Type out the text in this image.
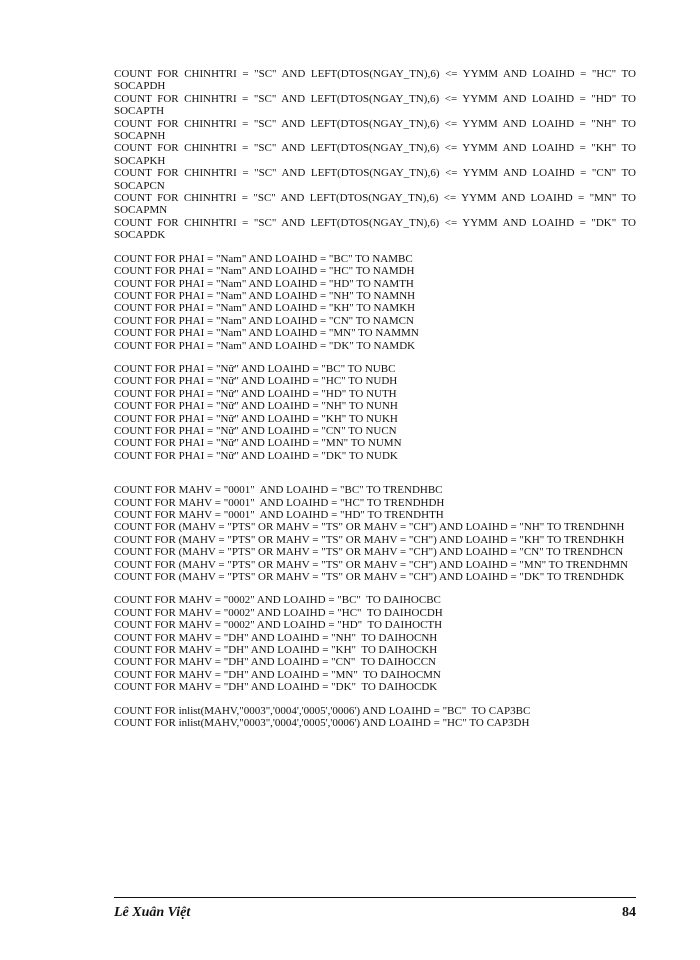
COUNT FOR CHINHTRI = "SC" AND LEFT(DTOS(NGAY_TN),6) <= YYMM AND LOAIHD = "HC" TO SOCAPDH
COUNT FOR CHINHTRI = "SC" AND LEFT(DTOS(NGAY_TN),6) <= YYMM AND LOAIHD = "HD" TO SOCAPTH
COUNT FOR CHINHTRI = "SC" AND LEFT(DTOS(NGAY_TN),6) <= YYMM AND LOAIHD = "NH" TO SOCAPNH
COUNT FOR CHINHTRI = "SC" AND LEFT(DTOS(NGAY_TN),6) <= YYMM AND LOAIHD = "KH" TO SOCAPKH
COUNT FOR CHINHTRI = "SC" AND LEFT(DTOS(NGAY_TN),6) <= YYMM AND LOAIHD = "CN" TO SOCAPCN
COUNT FOR CHINHTRI = "SC" AND LEFT(DTOS(NGAY_TN),6) <= YYMM AND LOAIHD = "MN" TO SOCAPMN
COUNT FOR CHINHTRI = "SC" AND LEFT(DTOS(NGAY_TN),6) <= YYMM AND LOAIHD = "DK" TO SOCAPDK
COUNT FOR PHAI = "Nam" AND LOAIHD = "BC" TO NAMBC
COUNT FOR PHAI = "Nam" AND LOAIHD = "HC" TO NAMDH
COUNT FOR PHAI = "Nam" AND LOAIHD = "HD" TO NAMTH
COUNT FOR PHAI = "Nam" AND LOAIHD = "NH" TO NAMNH
COUNT FOR PHAI = "Nam" AND LOAIHD = "KH" TO NAMKH
COUNT FOR PHAI = "Nam" AND LOAIHD = "CN" TO NAMCN
COUNT FOR PHAI = "Nam" AND LOAIHD = "MN" TO NAMMN
COUNT FOR PHAI = "Nam" AND LOAIHD = "DK" TO NAMDK
COUNT FOR PHAI = "Nữ" AND LOAIHD = "BC" TO NUBC
COUNT FOR PHAI = "Nữ" AND LOAIHD = "HC" TO NUDH
COUNT FOR PHAI = "Nữ" AND LOAIHD = "HD" TO NUTH
COUNT FOR PHAI = "Nữ" AND LOAIHD = "NH" TO NUNH
COUNT FOR PHAI = "Nữ" AND LOAIHD = "KH" TO NUKH
COUNT FOR PHAI = "Nữ" AND LOAIHD = "CN" TO NUCN
COUNT FOR PHAI = "Nữ" AND LOAIHD = "MN" TO NUMN
COUNT FOR PHAI = "Nữ" AND LOAIHD = "DK" TO NUDK
COUNT FOR MAHV = "0001"  AND LOAIHD = "BC" TO TRENDHBC
COUNT FOR MAHV = "0001"  AND LOAIHD = "HC" TO TRENDHDH
COUNT FOR MAHV = "0001"  AND LOAIHD = "HD" TO TRENDHTH
COUNT FOR (MAHV = "PTS" OR MAHV = "TS" OR MAHV = "CH") AND LOAIHD = "NH" TO TRENDHNH
COUNT FOR (MAHV = "PTS" OR MAHV = "TS" OR MAHV = "CH") AND LOAIHD = "KH" TO TRENDHKH
COUNT FOR (MAHV = "PTS" OR MAHV = "TS" OR MAHV = "CH") AND LOAIHD = "CN" TO TRENDHCN
COUNT FOR (MAHV = "PTS" OR MAHV = "TS" OR MAHV = "CH") AND LOAIHD = "MN" TO TRENDHMN
COUNT FOR (MAHV = "PTS" OR MAHV = "TS" OR MAHV = "CH") AND LOAIHD = "DK" TO TRENDHDK
COUNT FOR MAHV = "0002" AND LOAIHD = "BC"  TO DAIHOCBC
COUNT FOR MAHV = "0002" AND LOAIHD = "HC"  TO DAIHOCDH
COUNT FOR MAHV = "0002" AND LOAIHD = "HD"  TO DAIHOCTH
COUNT FOR MAHV = "DH" AND LOAIHD = "NH"  TO DAIHOCNH
COUNT FOR MAHV = "DH" AND LOAIHD = "KH"  TO DAIHOCKH
COUNT FOR MAHV = "DH" AND LOAIHD = "CN"  TO DAIHOCCN
COUNT FOR MAHV = "DH" AND LOAIHD = "MN"  TO DAIHOCMN
COUNT FOR MAHV = "DH" AND LOAIHD = "DK"  TO DAIHOCDK
COUNT FOR inlist(MAHV,"0003",'0004','0005','0006') AND LOAIHD = "BC"  TO CAP3BC
COUNT FOR inlist(MAHV,"0003",'0004','0005','0006') AND LOAIHD = "HC" TO CAP3DH
Lê Xuân Việt	84
